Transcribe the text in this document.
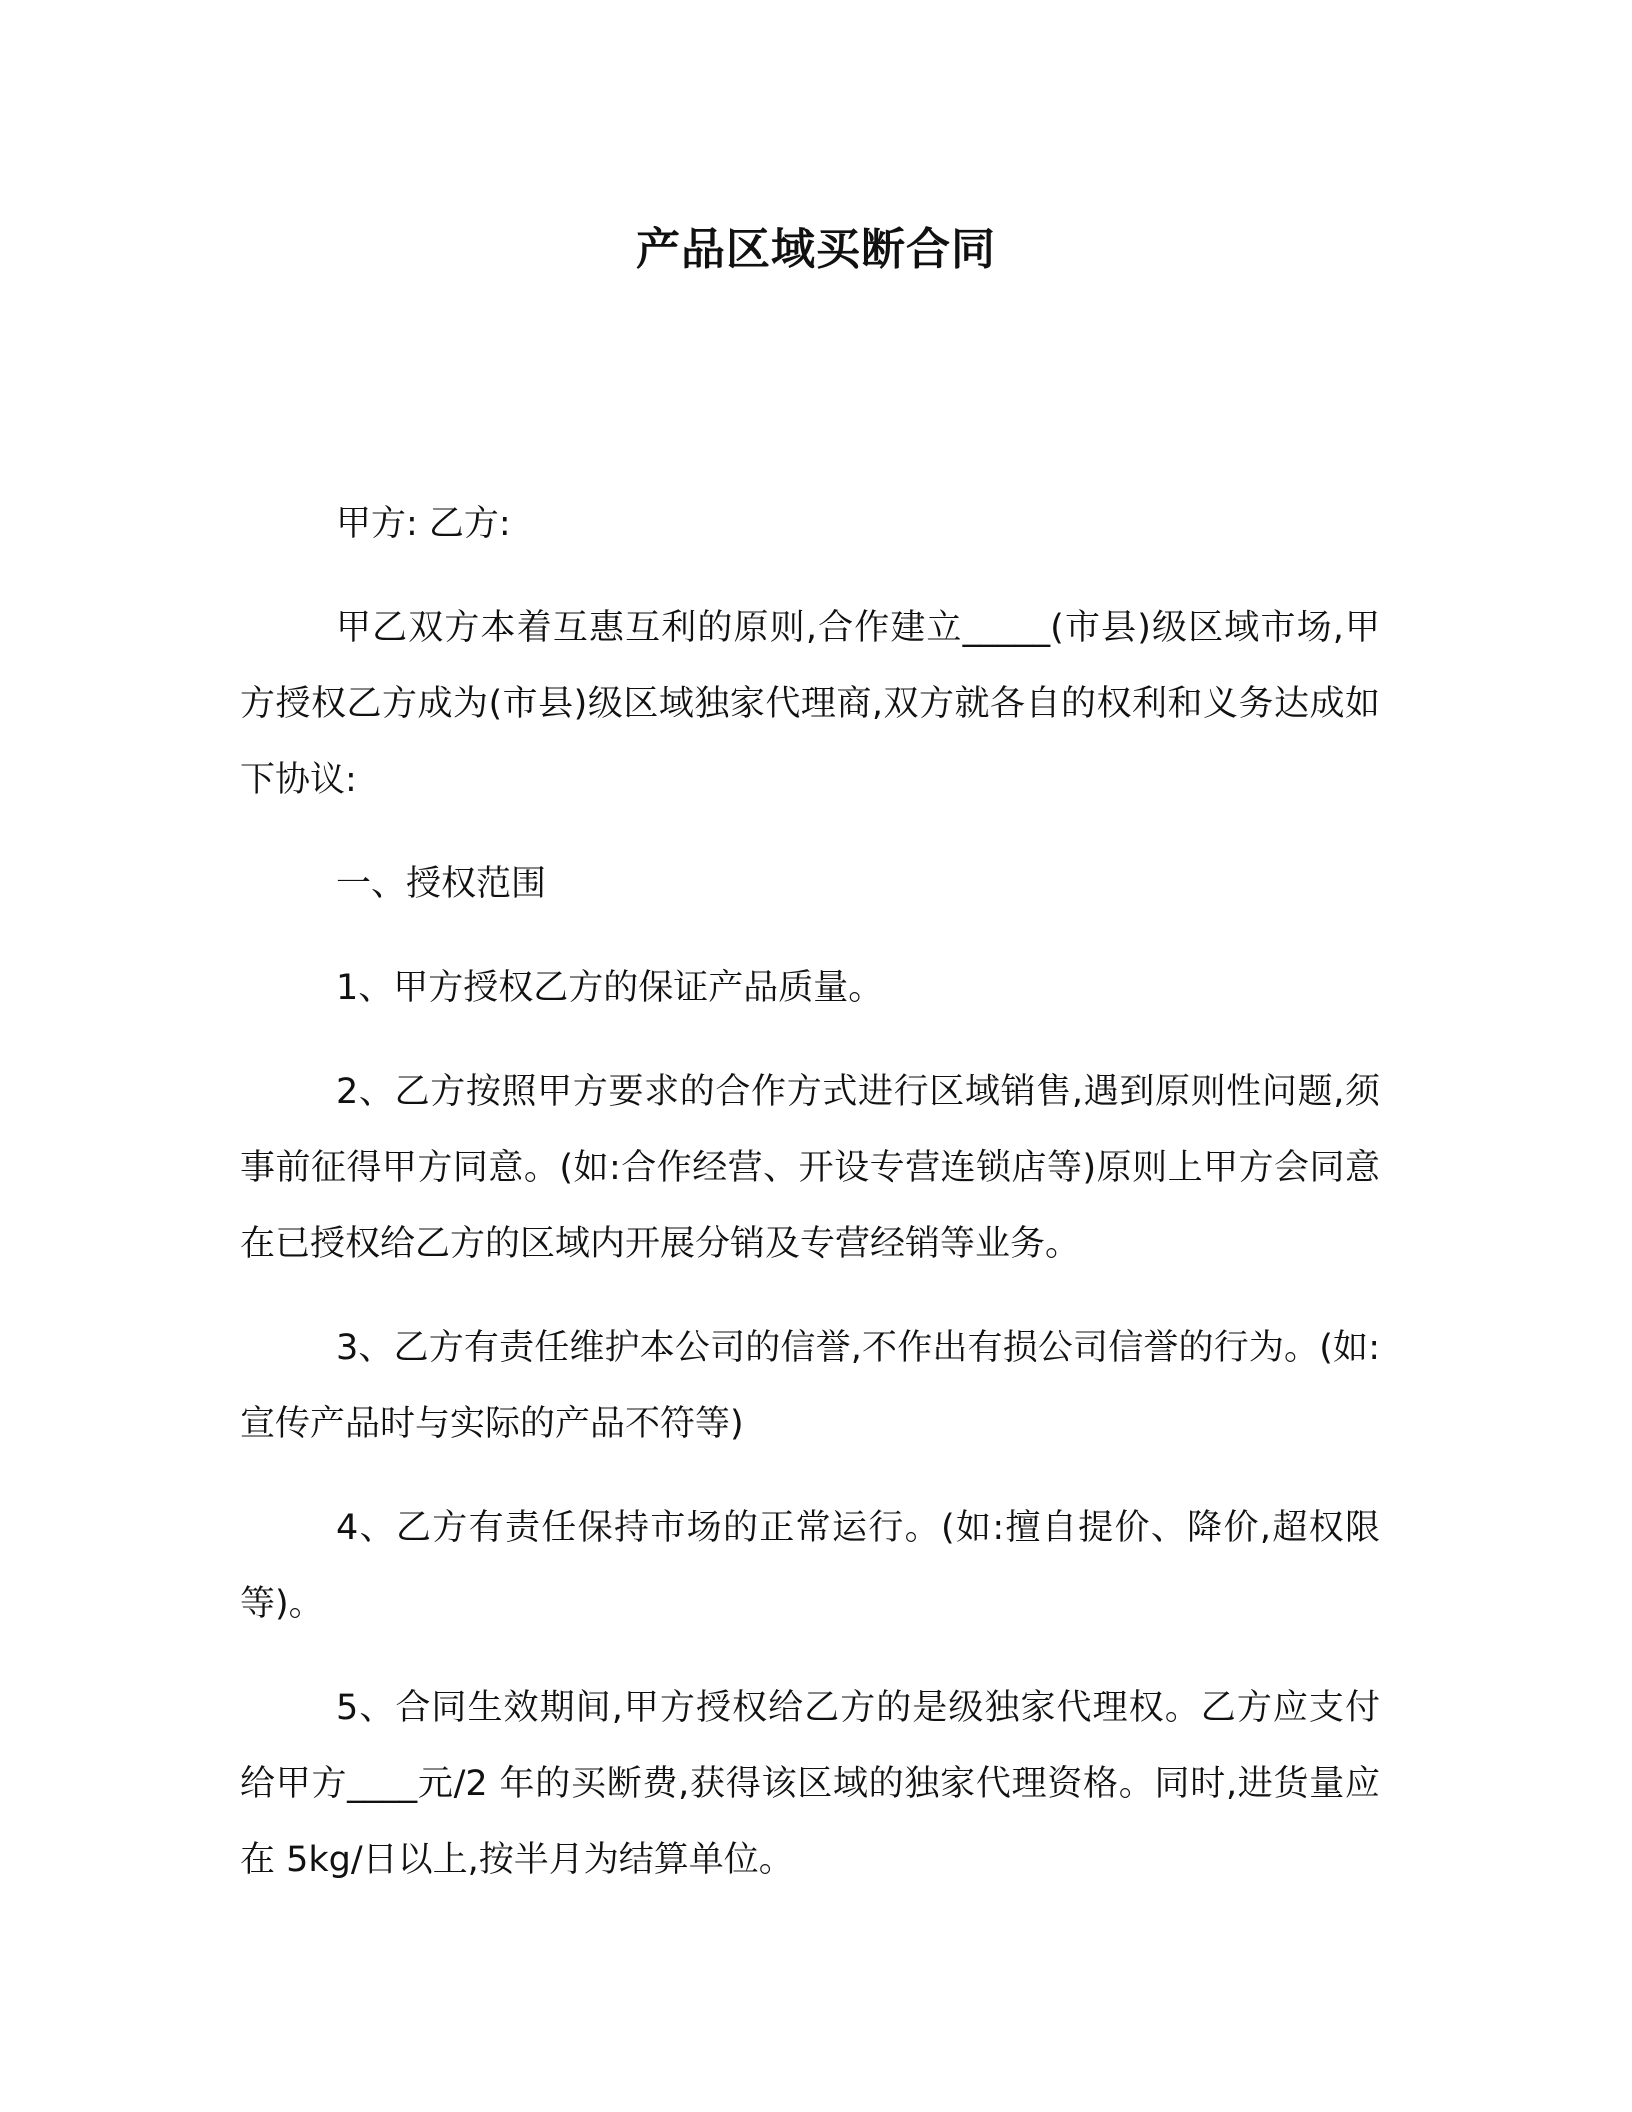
产品区域买断合同

甲方: 乙方:

甲乙双方本着互惠互利的原则,合作建立_____(市县)级区域市场,甲方授权乙方成为(市县)级区域独家代理商,双方就各自的权利和义务达成如下协议:

一、授权范围

1、甲方授权乙方的保证产品质量。

2、乙方按照甲方要求的合作方式进行区域销售,遇到原则性问题,须事前征得甲方同意。(如:合作经营、开设专营连锁店等)原则上甲方会同意在已授权给乙方的区域内开展分销及专营经销等业务。

3、乙方有责任维护本公司的信誉,不作出有损公司信誉的行为。(如:宣传产品时与实际的产品不符等)

4、乙方有责任保持市场的正常运行。(如:擅自提价、降价,超权限等)。

5、合同生效期间,甲方授权给乙方的是级独家代理权。乙方应支付给甲方____元/2 年的买断费,获得该区域的独家代理资格。同时,进货量应在 5kg/日以上,按半月为结算单位。
